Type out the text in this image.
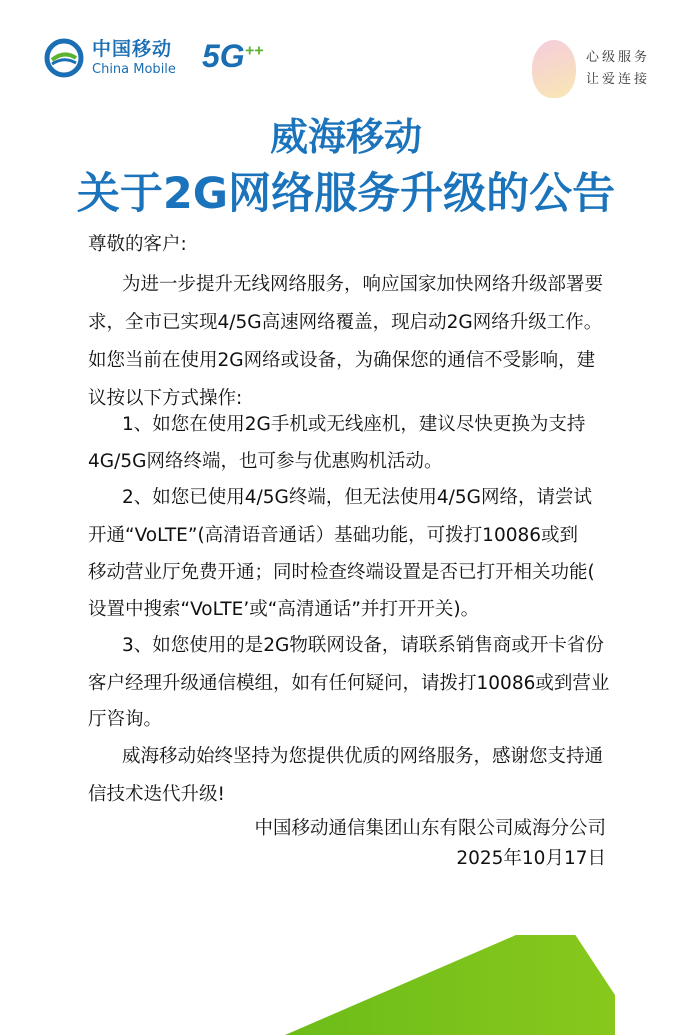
中国移动
China Mobile 5G++	心级服务
让爱连接
威海移动
关于2G网络服务升级的公告
尊敬的客户:
为进一步提升无线网络服务，响应国家加快网络升级部署要
求，全市已实现4/5G高速网络覆盖，现启动2G网络升级工作。
如您当前在使用2G网络或设备，为确保您的通信不受影响，建
议按以下方式操作:
1、如您在使用2G手机或无线座机，建议尽快更换为支持
4G/5G网络终端，也可参与优惠购机活动。
2、如您已使用4/5G终端，但无法使用4/5G网络，请尝试
开通“VoLTE”(高清语音通话）基础功能，可拨打10086或到
移动营业厅免费开通；同时检查终端设置是否已打开相关功能(
设置中搜索“VoLTE’或“高清通话”并打开开关)。
3、如您使用的是2G物联网设备，请联系销售商或开卡省份
客户经理升级通信模组，如有任何疑问，请拨打10086或到营业
厅咨询。
威海移动始终坚持为您提供优质的网络服务，感谢您支持通
信技术迭代升级!
中国移动通信集团山东有限公司威海分公司
2025年10月17日
